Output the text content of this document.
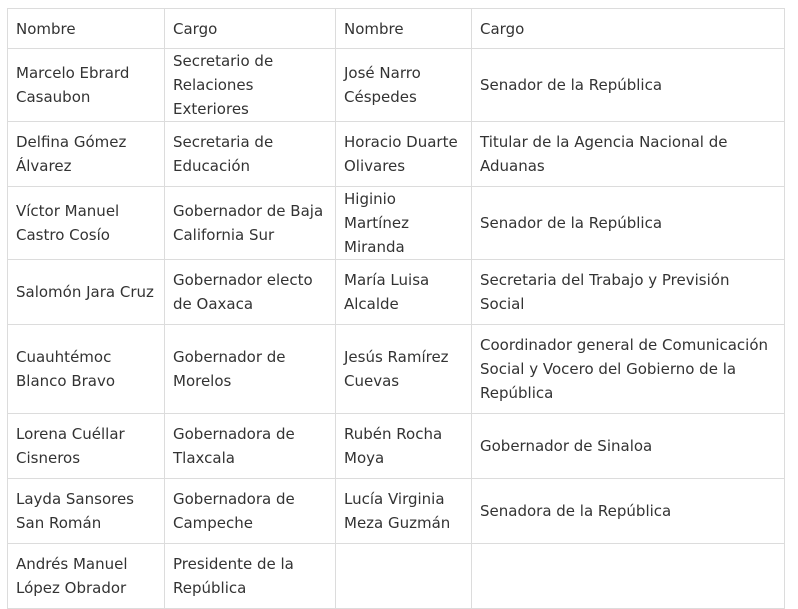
Nombre	Cargo	Nombre	Cargo
Marcelo Ebrard Casaubon	Secretario de Relaciones Exteriores	José Narro Céspedes	Senador de la República
Delfina Gómez Álvarez	Secretaria de Educación	Horacio Duarte Olivares	Titular de la Agencia Nacional de Aduanas
Víctor Manuel Castro Cosío	Gobernador de Baja California Sur	Higinio Martínez Miranda	Senador de la República
Salomón Jara Cruz	Gobernador electo de Oaxaca	María Luisa Alcalde	Secretaria del Trabajo y Previsión Social
Cuauhtémoc Blanco Bravo	Gobernador de Morelos	Jesús Ramírez Cuevas	Coordinador general de Comunicación Social y Vocero del Gobierno de la República
Lorena Cuéllar Cisneros	Gobernadora de Tlaxcala	Rubén Rocha Moya	Gobernador de Sinaloa
Layda Sansores San Román	Gobernadora de Campeche	Lucía Virginia Meza Guzmán	Senadora de la República
Andrés Manuel López Obrador	Presidente de la República		
